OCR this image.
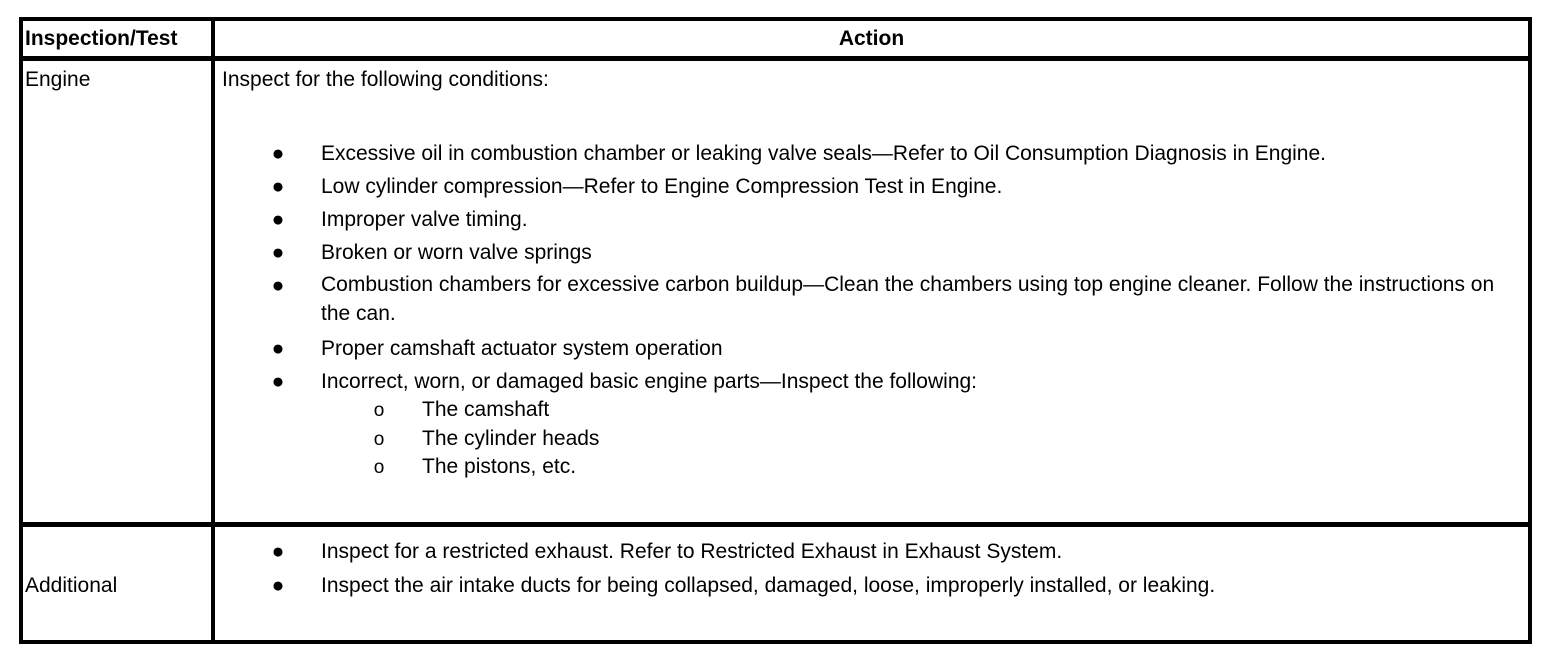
Inspection/Test	Action
Engine	Inspect for the following conditions:
● Excessive oil in combustion chamber or leaking valve seals—Refer to Oil Consumption Diagnosis in Engine.
● Low cylinder compression—Refer to Engine Compression Test in Engine.
● Improper valve timing.
● Broken or worn valve springs
● Combustion chambers for excessive carbon buildup—Clean the chambers using top engine cleaner. Follow the instructions on the can.
● Proper camshaft actuator system operation
● Incorrect, worn, or damaged basic engine parts—Inspect the following:
o The camshaft
o The cylinder heads
o The pistons, etc.
Additional
● Inspect for a restricted exhaust. Refer to Restricted Exhaust in Exhaust System.
● Inspect the air intake ducts for being collapsed, damaged, loose, improperly installed, or leaking.
